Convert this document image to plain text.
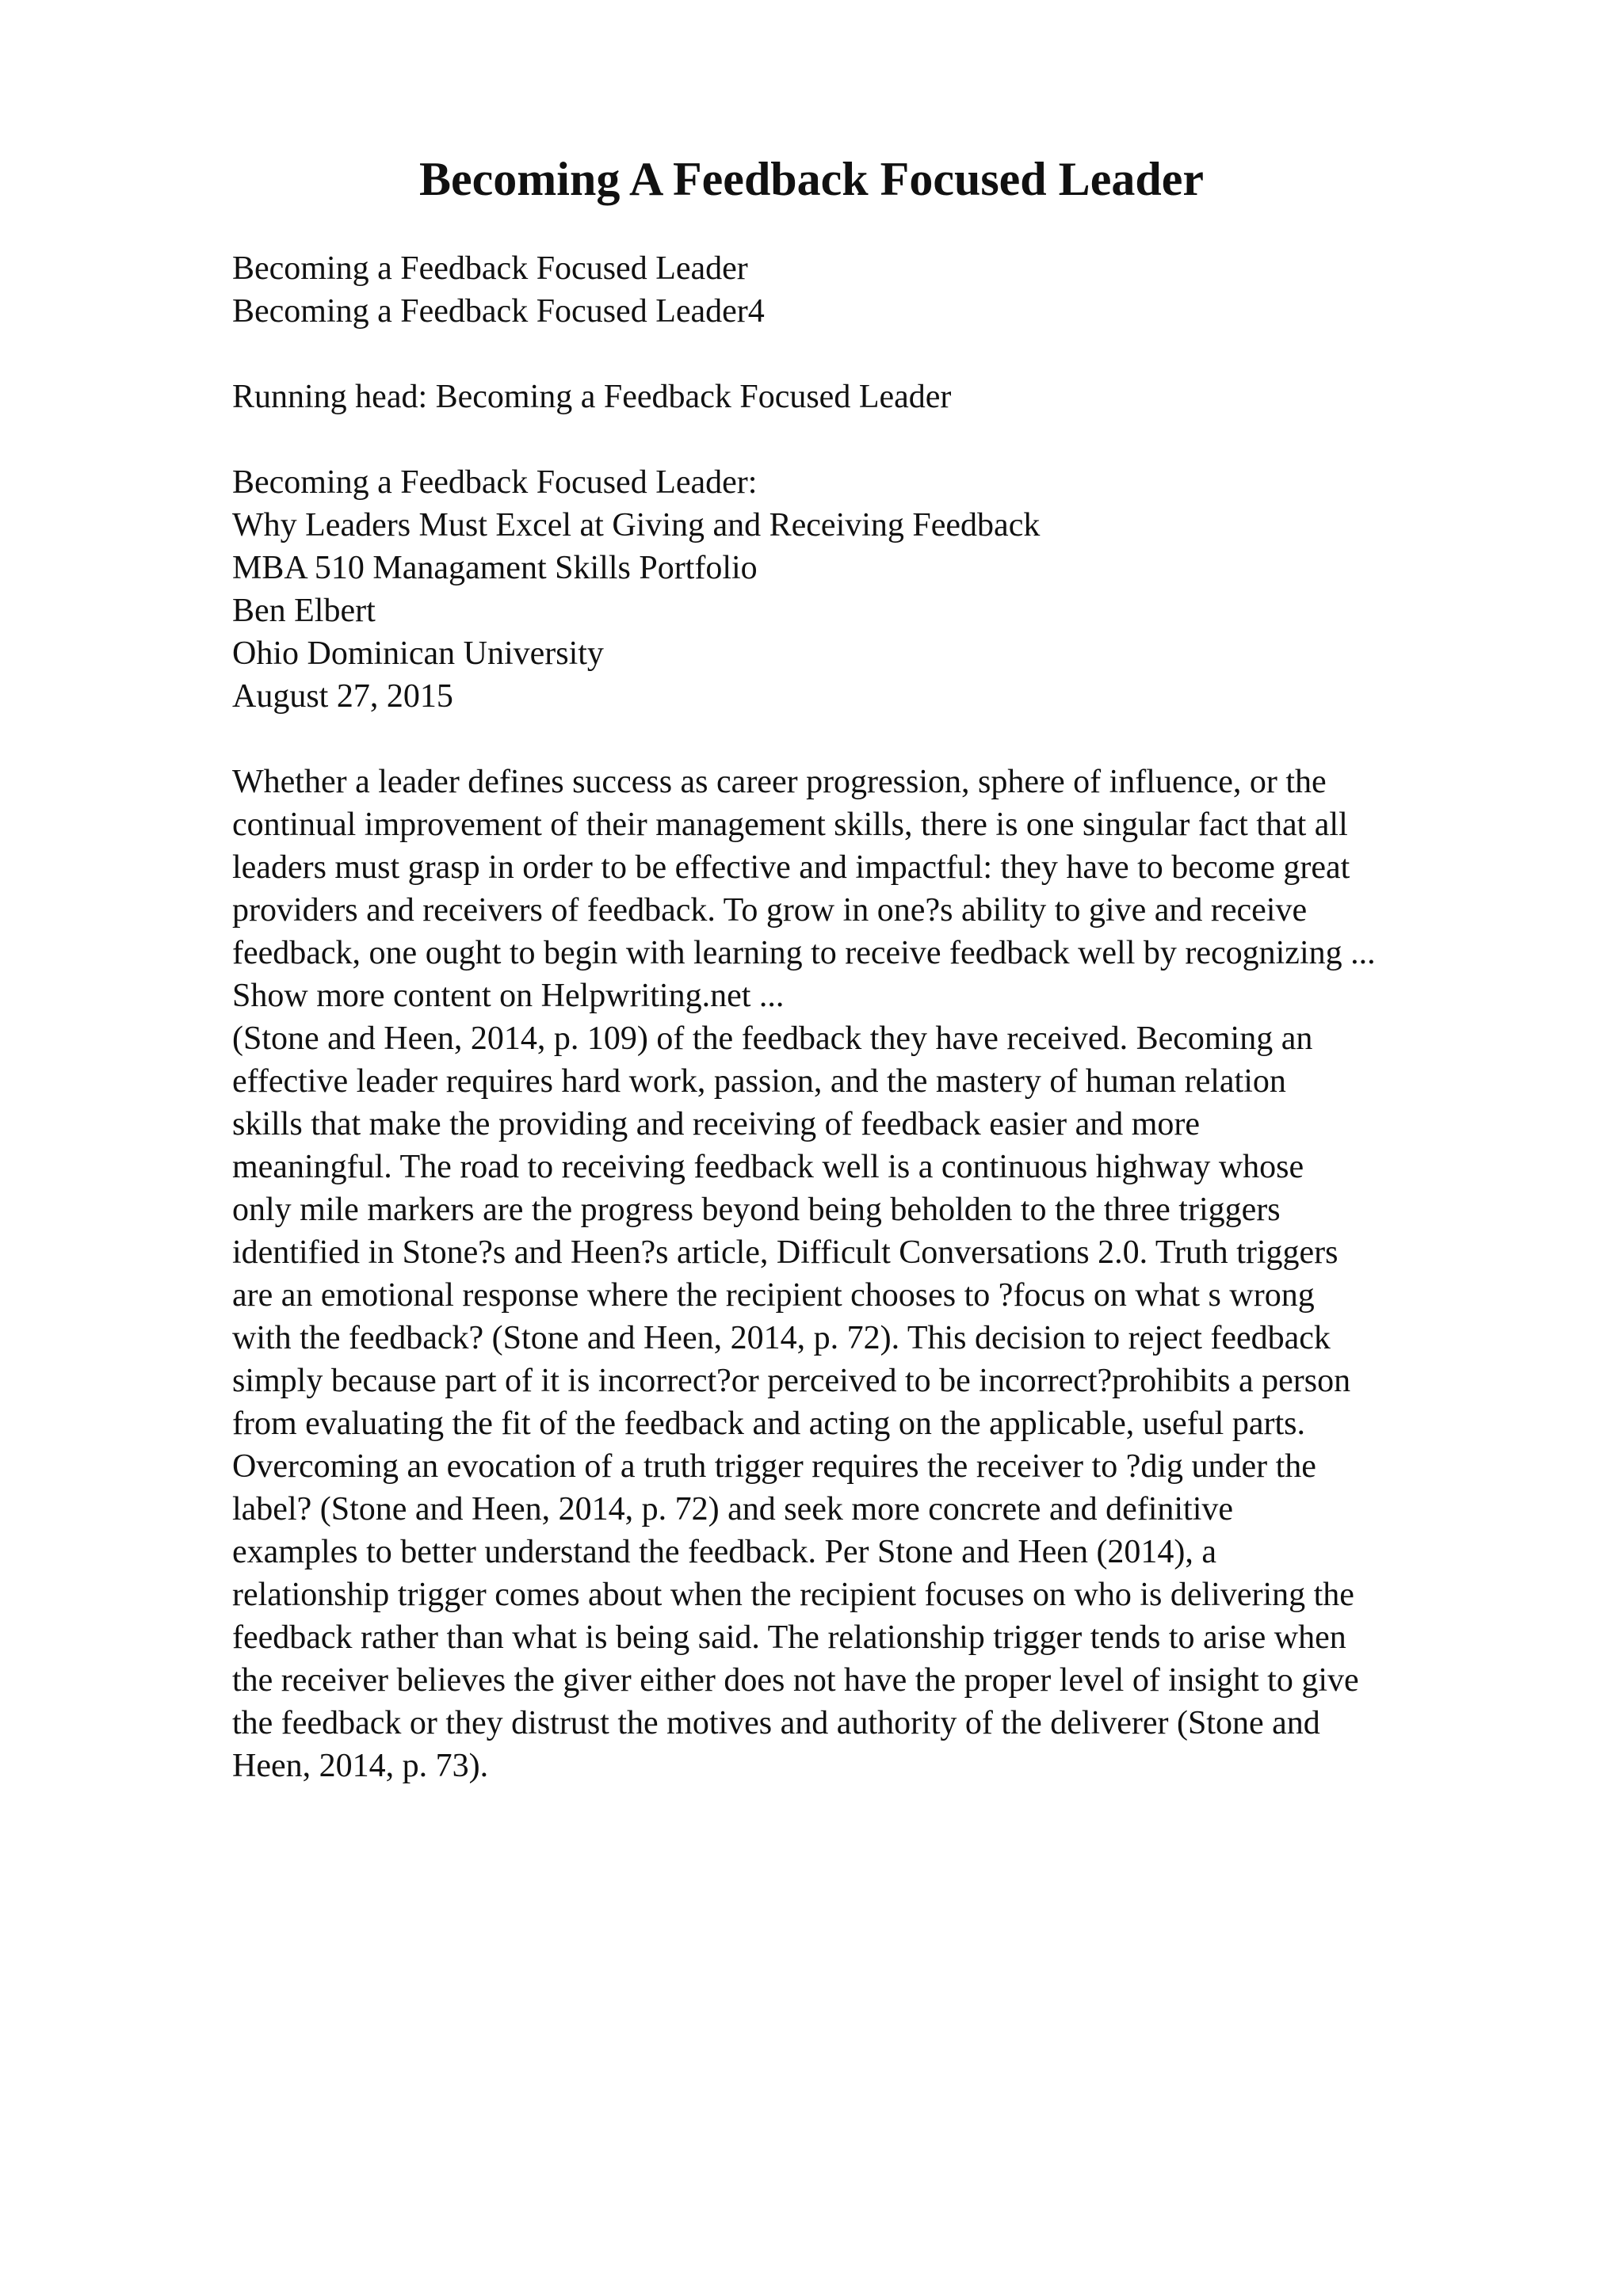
Becoming A Feedback Focused Leader
Becoming a Feedback Focused Leader
Becoming a Feedback Focused Leader4
Running head: Becoming a Feedback Focused Leader
Becoming a Feedback Focused Leader:
Why Leaders Must Excel at Giving and Receiving Feedback
MBA 510 Managament Skills Portfolio
Ben Elbert
Ohio Dominican University
August 27, 2015
Whether a leader defines success as career progression, sphere of influence, or the
continual improvement of their management skills, there is one singular fact that all
leaders must grasp in order to be effective and impactful: they have to become great
providers and receivers of feedback. To grow in one?s ability to give and receive
feedback, one ought to begin with learning to receive feedback well by recognizing ...
Show more content on Helpwriting.net ...
(Stone and Heen, 2014, p. 109) of the feedback they have received. Becoming an
effective leader requires hard work, passion, and the mastery of human relation
skills that make the providing and receiving of feedback easier and more
meaningful. The road to receiving feedback well is a continuous highway whose
only mile markers are the progress beyond being beholden to the three triggers
identified in Stone?s and Heen?s article, Difficult Conversations 2.0. Truth triggers
are an emotional response where the recipient chooses to ?focus on what s wrong
with the feedback? (Stone and Heen, 2014, p. 72). This decision to reject feedback
simply because part of it is incorrect?or perceived to be incorrect?prohibits a person
from evaluating the fit of the feedback and acting on the applicable, useful parts.
Overcoming an evocation of a truth trigger requires the receiver to ?dig under the
label? (Stone and Heen, 2014, p. 72) and seek more concrete and definitive
examples to better understand the feedback. Per Stone and Heen (2014), a
relationship trigger comes about when the recipient focuses on who is delivering the
feedback rather than what is being said. The relationship trigger tends to arise when
the receiver believes the giver either does not have the proper level of insight to give
the feedback or they distrust the motives and authority of the deliverer (Stone and
Heen, 2014, p. 73).
